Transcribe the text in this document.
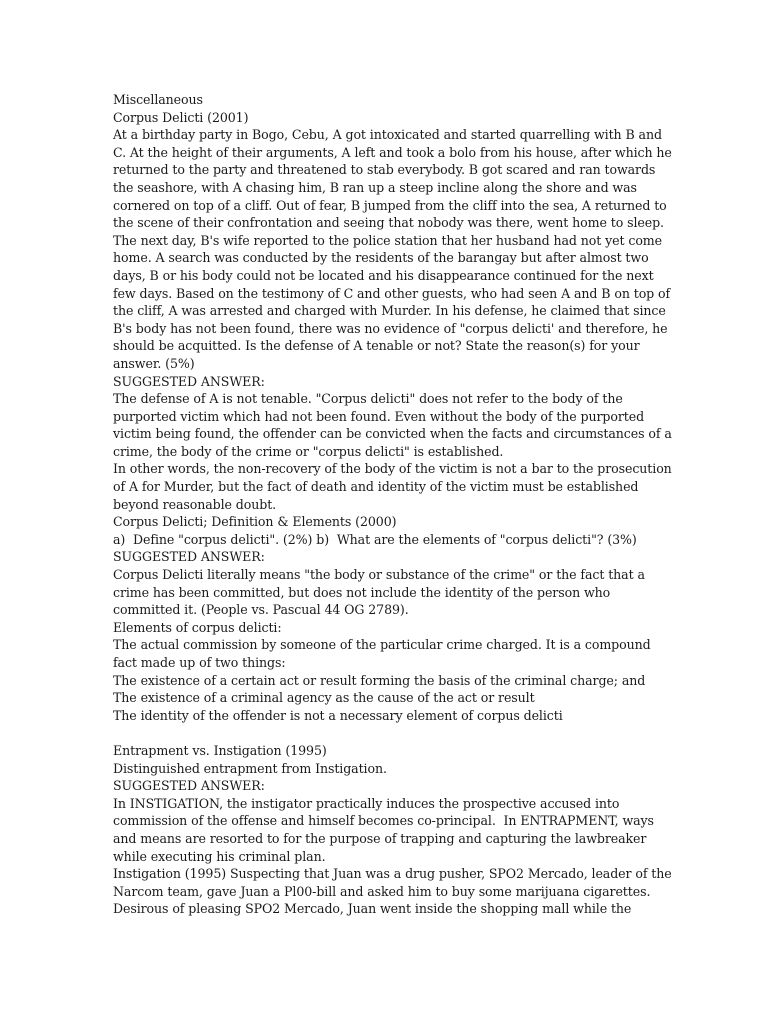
Miscellaneous
Corpus Delicti (2001)
At a birthday party in Bogo, Cebu, A got intoxicated and started quarrelling with B and C. At the height of their arguments, A left and took a bolo from his house, after which he returned to the party and threatened to stab everybody. B got scared and ran towards the seashore, with A chasing him, B ran up a steep incline along the shore and was cornered on top of a cliff. Out of fear, B jumped from the cliff into the sea, A returned to the scene of their confrontation and seeing that nobody was there, went home to sleep. The next day, B's wife reported to the police station that her husband had not yet come home. A search was conducted by the residents of the barangay but after almost two days, B or his body could not be located and his disappearance continued for the next few days. Based on the testimony of C and other guests, who had seen A and B on top of the cliff, A was arrested and charged with Murder. In his defense, he claimed that since B's body has not been found, there was no evidence of "corpus delicti' and therefore, he should be acquitted. Is the defense of A tenable or not? State the reason(s) for your answer. (5%)
SUGGESTED ANSWER:
The defense of A is not tenable. "Corpus delicti" does not refer to the body of the purported victim which had not been found. Even without the body of the purported victim being found, the offender can be convicted when the facts and circumstances of a crime, the body of the crime or "corpus delicti" is established.
In other words, the non-recovery of the body of the victim is not a bar to the prosecution of A for Murder, but the fact of death and identity of the victim must be established beyond reasonable doubt.
Corpus Delicti; Definition & Elements (2000)
a)  Define "corpus delicti". (2%) b)  What are the elements of "corpus delicti"? (3%)
SUGGESTED ANSWER:
Corpus Delicti literally means "the body or substance of the crime" or the fact that a crime has been committed, but does not include the identity of the person who committed it. (People vs. Pascual 44 OG 2789).
Elements of corpus delicti:
The actual commission by someone of the particular crime charged. It is a compound fact made up of two things:
The existence of a certain act or result forming the basis of the criminal charge; and
The existence of a criminal agency as the cause of the act or result
The identity of the offender is not a necessary element of corpus delicti
Entrapment vs. Instigation (1995)
Distinguished entrapment from Instigation.
SUGGESTED ANSWER:
In INSTIGATION, the instigator practically induces the prospective accused into commission of the offense and himself becomes co-principal.  In ENTRAPMENT, ways and means are resorted to for the purpose of trapping and capturing the lawbreaker while executing his criminal plan.
Instigation (1995) Suspecting that Juan was a drug pusher, SPO2 Mercado, leader of the Narcom team, gave Juan a Pl00-bill and asked him to buy some marijuana cigarettes. Desirous of pleasing SPO2 Mercado, Juan went inside the shopping mall while the
